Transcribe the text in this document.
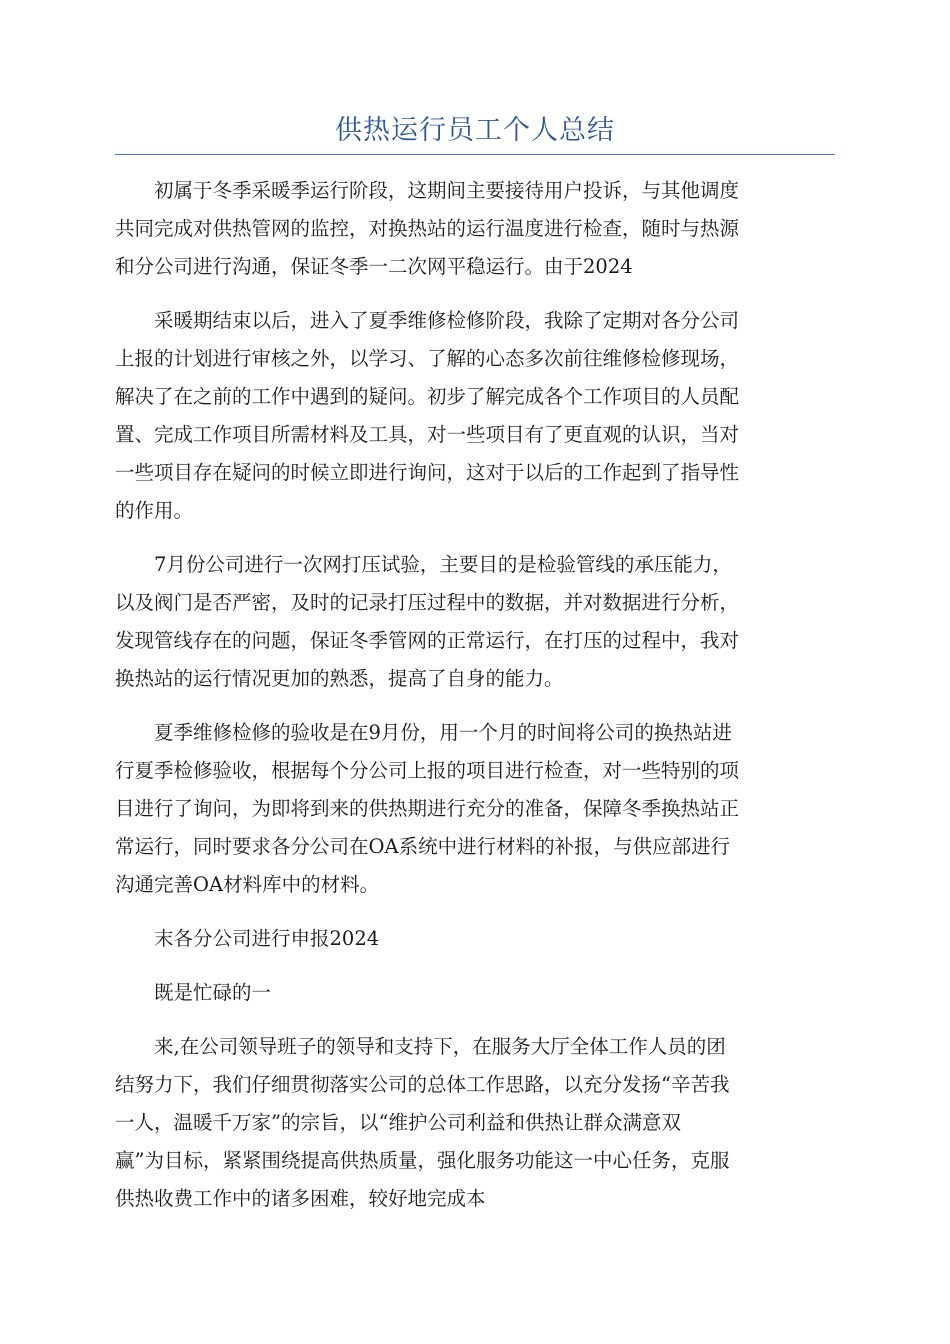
供热运行员工个人总结

初属于冬季采暖季运行阶段，这期间主要接待用户投诉，与其他调度
共同完成对供热管网的监控，对换热站的运行温度进行检查，随时与热源
和分公司进行沟通，保证冬季一二次网平稳运行。由于2024

采暖期结束以后，进入了夏季维修检修阶段，我除了定期对各分公司
上报的计划进行审核之外，以学习、了解的心态多次前往维修检修现场，
解决了在之前的工作中遇到的疑问。初步了解完成各个工作项目的人员配
置、完成工作项目所需材料及工具，对一些项目有了更直观的认识，当对
一些项目存在疑问的时候立即进行询问，这对于以后的工作起到了指导性
的作用。

7月份公司进行一次网打压试验，主要目的是检验管线的承压能力，
以及阀门是否严密，及时的记录打压过程中的数据，并对数据进行分析，
发现管线存在的问题，保证冬季管网的正常运行，在打压的过程中，我对
换热站的运行情况更加的熟悉，提高了自身的能力。

夏季维修检修的验收是在9月份，用一个月的时间将公司的换热站进
行夏季检修验收，根据每个分公司上报的项目进行检查，对一些特别的项
目进行了询问，为即将到来的供热期进行充分的准备，保障冬季换热站正
常运行，同时要求各分公司在OA系统中进行材料的补报，与供应部进行
沟通完善OA材料库中的材料。

末各分公司进行申报2024

既是忙碌的一

来,在公司领导班子的领导和支持下，在服务大厅全体工作人员的团
结努力下，我们仔细贯彻落实公司的总体工作思路，以充分发扬“辛苦我
一人，温暖千万家”的宗旨，以“维护公司利益和供热让群众满意双
赢”为目标，紧紧围绕提高供热质量，强化服务功能这一中心任务，克服
供热收费工作中的诸多困难，较好地完成本
